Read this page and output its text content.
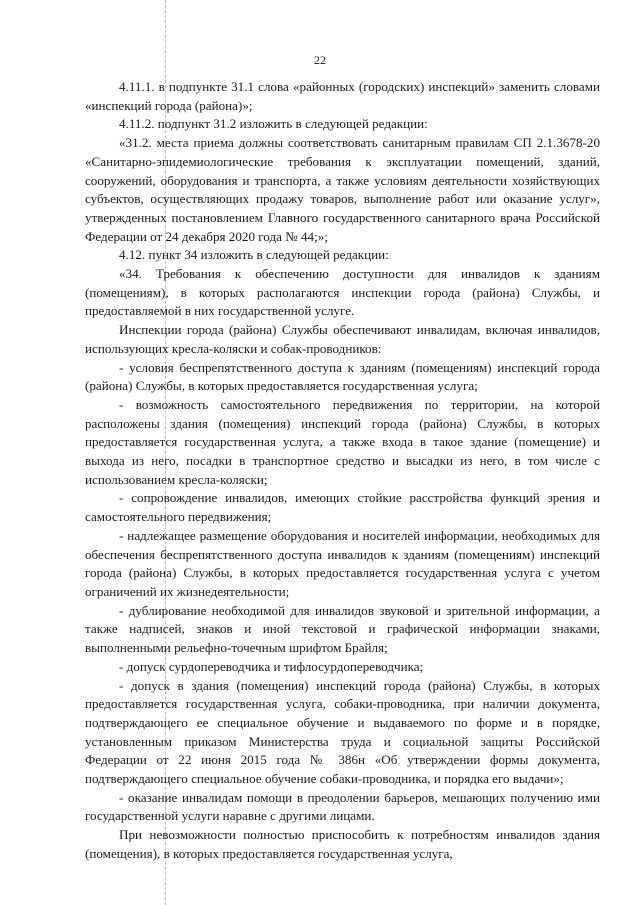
22

4.11.1. в подпункте 31.1 слова «районных (городских) инспекций» заменить словами «инспекций города (района)»;

4.11.2. подпункт 31.2 изложить в следующей редакции:

«31.2. места приема должны соответствовать санитарным правилам СП 2.1.3678-20 «Санитарно-эпидемиологические требования к эксплуатации помещений, зданий, сооружений, оборудования и транспорта, а также условиям деятельности хозяйствующих субъектов, осуществляющих продажу товаров, выполнение работ или оказание услуг», утвержденных постановлением Главного государственного санитарного врача Российской Федерации от 24 декабря 2020 года № 44;»;

4.12. пункт 34 изложить в следующей редакции:

«34. Требования к обеспечению доступности для инвалидов к зданиям (помещениям), в которых располагаются инспекции города (района) Службы, и предоставляемой в них государственной услуге.

Инспекции города (района) Службы обеспечивают инвалидам, включая инвалидов, использующих кресла-коляски и собак-проводников:

- условия беспрепятственного доступа к зданиям (помещениям) инспекций города (района) Службы, в которых предоставляется государственная услуга;

- возможность самостоятельного передвижения по территории, на которой расположены здания (помещения) инспекций города (района) Службы, в которых предоставляется государственная услуга, а также входа в такое здание (помещение) и выхода из него, посадки в транспортное средство и высадки из него, в том числе с использованием кресла-коляски;

- сопровождение инвалидов, имеющих стойкие расстройства функций зрения и самостоятельного передвижения;

- надлежащее размещение оборудования и носителей информации, необходимых для обеспечения беспрепятственного доступа инвалидов к зданиям (помещениям) инспекций города (района) Службы, в которых предоставляется государственная услуга с учетом ограничений их жизнедеятельности;

- дублирование необходимой для инвалидов звуковой и зрительной информации, а также надписей, знаков и иной текстовой и графической информации знаками, выполненными рельефно-точечным шрифтом Брайля;

- допуск сурдопереводчика и тифлосурдопереводчика;

- допуск в здания (помещения) инспекций города (района) Службы, в которых предоставляется государственная услуга, собаки-проводника, при наличии документа, подтверждающего ее специальное обучение и выдаваемого по форме и в порядке, установленным приказом Министерства труда и социальной защиты Российской Федерации от 22 июня 2015 года № 386н «Об утверждении формы документа, подтверждающего специальное обучение собаки-проводника, и порядка его выдачи»;

- оказание инвалидам помощи в преодолении барьеров, мешающих получению ими государственной услуги наравне с другими лицами.

При невозможности полностью приспособить к потребностям инвалидов здания (помещения), в которых предоставляется государственная услуга,
